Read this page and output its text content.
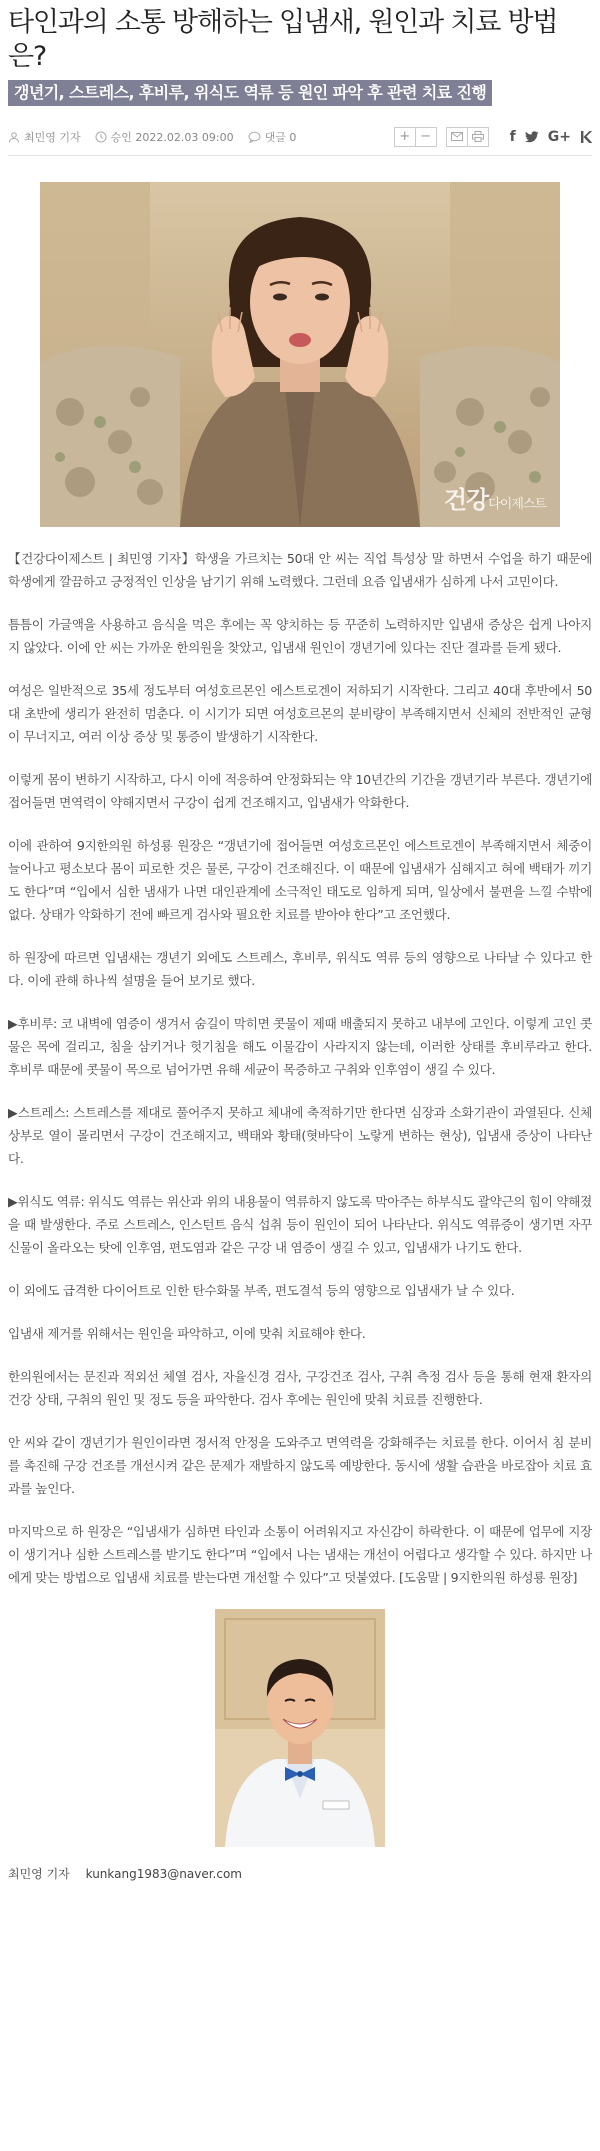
타인과의 소통 방해하는 입냄새, 원인과 치료 방법은?
갱년기, 스트레스, 후비루, 위식도 역류 등 원인 파악 후 관련 치료 진행
최민영 기자	승인 2022.02.03 09:00	댓글 0	+ −	f G+
건강다이제스트

【건강다이제스트 | 최민영 기자】학생을 가르치는 50대 안 씨는 직업 특성상 말 하면서 수업을 하기 때문에 학생에게 깔끔하고 긍정적인 인상을 남기기 위해 노력했다. 그런데 요즘 입냄새가 심하게 나서 고민이다.

틈틈이 가글액을 사용하고 음식을 먹은 후에는 꼭 양치하는 등 꾸준히 노력하지만 입냄새 증상은 쉽게 나아지지 않았다. 이에 안 씨는 가까운 한의원을 찾았고, 입냄새 원인이 갱년기에 있다는 진단 결과를 듣게 됐다.

여성은 일반적으로 35세 정도부터 여성호르몬인 에스트로겐이 저하되기 시작한다. 그리고 40대 후반에서 50대 초반에 생리가 완전히 멈춘다. 이 시기가 되면 여성호르몬의 분비량이 부족해지면서 신체의 전반적인 균형이 무너지고, 여러 이상 증상 및 통증이 발생하기 시작한다.

이렇게 몸이 변하기 시작하고, 다시 이에 적응하여 안정화되는 약 10년간의 기간을 갱년기라 부른다. 갱년기에 접어들면 면역력이 약해지면서 구강이 쉽게 건조해지고, 입냄새가 악화한다.

이에 관하여 9지한의원 하성룡 원장은 “갱년기에 접어들면 여성호르몬인 에스트로겐이 부족해지면서 체중이 늘어나고 평소보다 몸이 피로한 것은 물론, 구강이 건조해진다. 이 때문에 입냄새가 심해지고 혀에 백태가 끼기도 한다”며 “입에서 심한 냄새가 나면 대인관계에 소극적인 태도로 임하게 되며, 일상에서 불편을 느낄 수밖에 없다. 상태가 악화하기 전에 빠르게 검사와 필요한 치료를 받아야 한다”고 조언했다.

하 원장에 따르면 입냄새는 갱년기 외에도 스트레스, 후비루, 위식도 역류 등의 영향으로 나타날 수 있다고 한다. 이에 관해 하나씩 설명을 들어 보기로 했다.

▶후비루: 코 내벽에 염증이 생겨서 숨길이 막히면 콧물이 제때 배출되지 못하고 내부에 고인다. 이렇게 고인 콧물은 목에 걸리고, 침을 삼키거나 헛기침을 해도 이물감이 사라지지 않는데, 이러한 상태를 후비루라고 한다. 후비루 때문에 콧물이 목으로 넘어가면 유해 세균이 목증하고 구취와 인후염이 생길 수 있다.

▶스트레스: 스트레스를 제대로 풀어주지 못하고 체내에 축적하기만 한다면 심장과 소화기관이 과열된다. 신체 상부로 열이 몰리면서 구강이 건조해지고, 백태와 황태(혓바닥이 노랗게 변하는 현상), 입냄새 증상이 나타난다.

▶위식도 역류: 위식도 역류는 위산과 위의 내용물이 역류하지 않도록 막아주는 하부식도 괄약근의 힘이 약해졌을 때 발생한다. 주로 스트레스, 인스턴트 음식 섭취 등이 원인이 되어 나타난다. 위식도 역류증이 생기면 자꾸 신물이 올라오는 탓에 인후염, 편도염과 같은 구강 내 염증이 생길 수 있고, 입냄새가 나기도 한다.

이 외에도 급격한 다이어트로 인한 탄수화물 부족, 편도결석 등의 영향으로 입냄새가 날 수 있다.

입냄새 제거를 위해서는 원인을 파악하고, 이에 맞춰 치료해야 한다.

한의원에서는 문진과 적외선 체열 검사, 자율신경 검사, 구강건조 검사, 구취 측정 검사 등을 통해 현재 환자의 건강 상태, 구취의 원인 및 정도 등을 파악한다. 검사 후에는 원인에 맞춰 치료를 진행한다.

안 씨와 같이 갱년기가 원인이라면 정서적 안정을 도와주고 면역력을 강화해주는 치료를 한다. 이어서 침 분비를 촉진해 구강 건조를 개선시켜 같은 문제가 재발하지 않도록 예방한다. 동시에 생활 습관을 바로잡아 치료 효과를 높인다.

마지막으로 하 원장은 “입냄새가 심하면 타인과 소통이 어려워지고 자신감이 하락한다. 이 때문에 업무에 지장이 생기거나 심한 스트레스를 받기도 한다”며 “입에서 나는 냄새는 개선이 어렵다고 생각할 수 있다. 하지만 나에게 맞는 방법으로 입냄새 치료를 받는다면 개선할 수 있다”고 덧붙였다. [도움말 | 9지한의원 하성룡 원장]

최민영 기자 kunkang1983@naver.com
